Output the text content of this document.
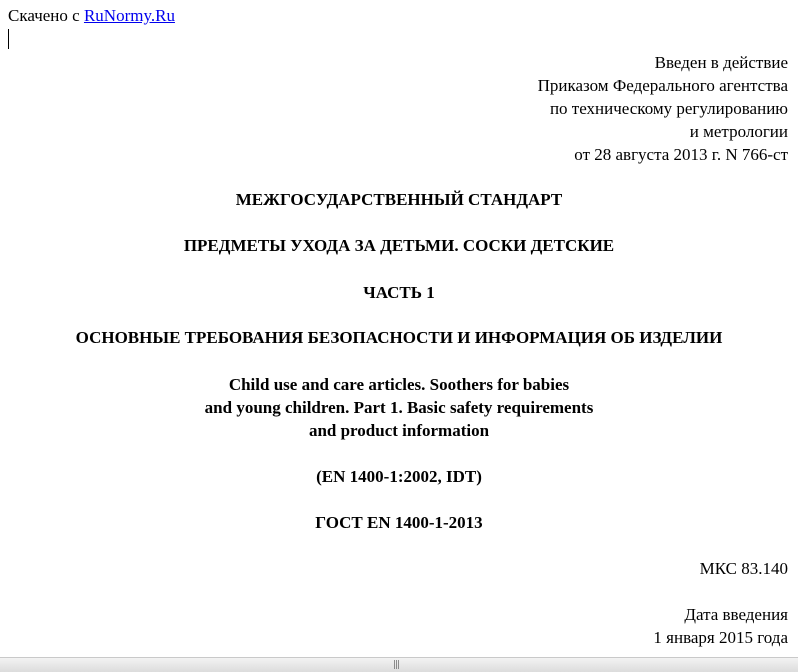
Скачено с RuNormy.Ru
Введен в действие
Приказом Федерального агентства
по техническому регулированию
и метрологии
от 28 августа 2013 г. N 766-ст
МЕЖГОСУДАРСТВЕННЫЙ СТАНДАРТ
ПРЕДМЕТЫ УХОДА ЗА ДЕТЬМИ. СОСКИ ДЕТСКИЕ
ЧАСТЬ 1
ОСНОВНЫЕ ТРЕБОВАНИЯ БЕЗОПАСНОСТИ И ИНФОРМАЦИЯ ОБ ИЗДЕЛИИ
Child use and care articles. Soothers for babies
and young children. Part 1. Basic safety requirements
and product information
(EN 1400-1:2002, IDT)
ГОСТ EN 1400-1-2013
МКС 83.140
Дата введения
1 января 2015 года
|||
